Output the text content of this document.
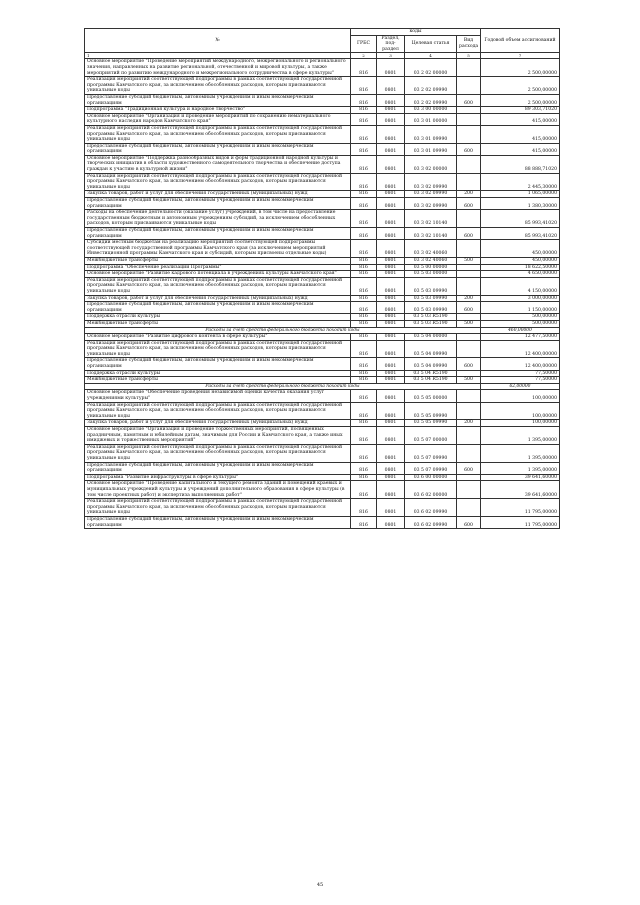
№	коды				Годовой объем ассигнований
	ГРБС	Раздел, под-раздел	Целевая статья	Вид расхода	
1	2	3	4	5	7
Основное мероприятие "Проведение мероприятий международного, межрегионального и регионального значения, направленных на развитие региональной, отечественной и мировой культуры, а также мероприятий по развитию международного и межрегионального сотрудничества в сфере культуры"	816	0801	03 2 02 00000		2 500,00000
Реализация мероприятий соответствующей подпрограммы в рамках соответствующей государственной программы Камчатского края, за исключением обособленных расходов, которым присваиваются уникальные коды	816	0801	03 2 02 09990		2 500,00000
Предоставление субсидий бюджетным, автономным учреждениям и иным некоммерческим организациям	816	0801	03 2 02 09990	600	2 500,00000
Подпрограмма "Традиционная культура и народное творчество"	816	0801	03 3 00 00000		89 303,71020
Основное мероприятие "Организация и проведение мероприятий по сохранению нематериального культурного наследия народов Камчатского края"	816	0801	03 3 01 00000		415,00000
Реализация мероприятий соответствующей подпрограммы в рамках соответствующей государственной программы Камчатского края, за исключением обособленных расходов, которым присваиваются уникальные коды	816	0801	03 3 01 09990		415,00000
Предоставление субсидий бюджетным, автономным учреждениям и иным некоммерческим организациям	816	0801	03 3 01 09990	600	415,00000
Основное мероприятие "Поддержка разнообразных видов и форм традиционной народной культуры и творческих инициатив в области художественного самодеятельного творчества и обеспечение доступа граждан к участию в культурной жизни"	816	0801	03 3 02 00000		88 888,71020
Реализация мероприятий соответствующей подпрограммы в рамках соответствующей государственной программы Камчатского края, за исключением обособленных расходов, которым присваиваются уникальные коды	816	0801	03 3 02 09990		2 445,30000
Закупка товаров, работ и услуг для обеспечения государственных (муниципальных) нужд	816	0801	03 3 02 09990	200	1 065,00000
Предоставление субсидий бюджетным, автономным учреждениям и иным некоммерческим организациям	816	0801	03 3 02 09990	600	1 380,30000
Расходы на обеспечение деятельности (оказание услуг) учреждений, в том числе на предоставление государственным бюджетным и автономным учреждениям субсидий, за исключением обособленных расходов, которым присваиваются уникальные коды	816	0801	03 3 02 10140		85 993,41020
Предоставление субсидий бюджетным, автономным учреждениям и иным некоммерческим организациям	816	0801	03 3 02 10140	600	85 993,41020
Субсидии местным бюджетам на реализацию мероприятий соответствующей подпрограммы соответствующей государственной программы Камчатского края (за исключением мероприятий Инвестиционной программы Камчатского края и субсидий, которым присвоены отдельные коды)	816	0801	03 3 02 40060		450,00000
Межбюджетные трансферты	816	0801	03 3 02 40060	500	450,00000
Подпрограмма "Обеспечение реализации Программы"	816	0801	03 5 00 00000		18 622,50000
Основное мероприятие "Развитие кадрового потенциала в учреждениях культуры Камчатского края"	816	0801	03 5 03 00000		4 650,00000
Реализация мероприятий соответствующей подпрограммы в рамках соответствующей государственной программы Камчатского края, за исключением обособленных расходов, которым присваиваются уникальные коды	816	0801	03 5 03 09990		4 150,00000
Закупка товаров, работ и услуг для обеспечения государственных (муниципальных) нужд	816	0801	03 5 03 09990	200	3 000,00000
Предоставление субсидий бюджетным, автономным учреждениям и иным некоммерческим организациям	816	0801	03 5 03 09990	600	1 150,00000
Поддержка отрасли культуры	816	0801	03 5 03 R5190		500,00000
Межбюджетные трансферты	816	0801	03 5 03 R5190	500	500,00000
Расходы за счет средств федерального бюджета походит коды					460,00000
Основное мероприятие "Развитие цифрового контента в сфере культуры"	816	0801	03 5 04 00000		12 477,50000
Реализация мероприятий соответствующей подпрограммы в рамках соответствующей государственной программы Камчатского края, за исключением обособленных расходов, которым присваиваются уникальные коды	816	0801	03 5 04 09990		12 400,00000
Предоставление субсидий бюджетным, автономным учреждениям и иным некоммерческим организациям	816	0801	03 5 04 09990	600	12 400,00000
Поддержка отрасли культуры	816	0801	03 5 04 R5190		77,50000
Межбюджетные трансферты	816	0801	03 5 04 R5190	500	77,50000
Расходы за счет средств федерального бюджета походит коды					62,00000
Основное мероприятие "Обеспечение проведения независимой оценки качества оказания услуг учреждениями культуры"	816	0801	03 5 05 00000		100,00000
Реализация мероприятий соответствующей подпрограммы в рамках соответствующей государственной программы Камчатского края, за исключением обособленных расходов, которым присваиваются уникальные коды	816	0801	03 5 05 09990		100,00000
Закупка товаров, работ и услуг для обеспечения государственных (муниципальных) нужд	816	0801	03 5 05 09990	200	100,00000
Основное мероприятие "Организация и проведение торжественных мероприятий, посвященных праздничным, памятным и юбилейным датам, значимым для России и Камчатского края, а также иных имиджевых и торжественных мероприятий"	816	0801	03 5 07 00000		1 395,00000
Реализация мероприятий соответствующей подпрограммы в рамках соответствующей государственной программы Камчатского края, за исключением обособленных расходов, которым присваиваются уникальные коды	816	0801	03 5 07 09990		1 395,00000
Предоставление субсидий бюджетным, автономным учреждениям и иным некоммерческим организациям	816	0801	03 5 07 09990	600	1 395,00000
Подпрограмма "Развитие инфраструктуры в сфере культуры"	816	0801	03 6 00 00000		39 641,60000
Основное мероприятие "Проведение капитального и текущего ремонта зданий и помещений краевых и муниципальных учреждений культуры и учреждений дополнительного образования в сфере культуры (в том числе проектных работ) и экспертиза выполненных работ"	816	0801	03 6 02 00000		39 641,60000
Реализация мероприятий соответствующей подпрограммы в рамках соответствующей государственной программы Камчатского края, за исключением обособленных расходов, которым присваиваются уникальные коды	816	0801	03 6 02 09990		11 795,00000
Предоставление субсидий бюджетным, автономным учреждениям и иным некоммерческим организациям	816	0801	03 6 02 09990	600	11 795,00000
45
